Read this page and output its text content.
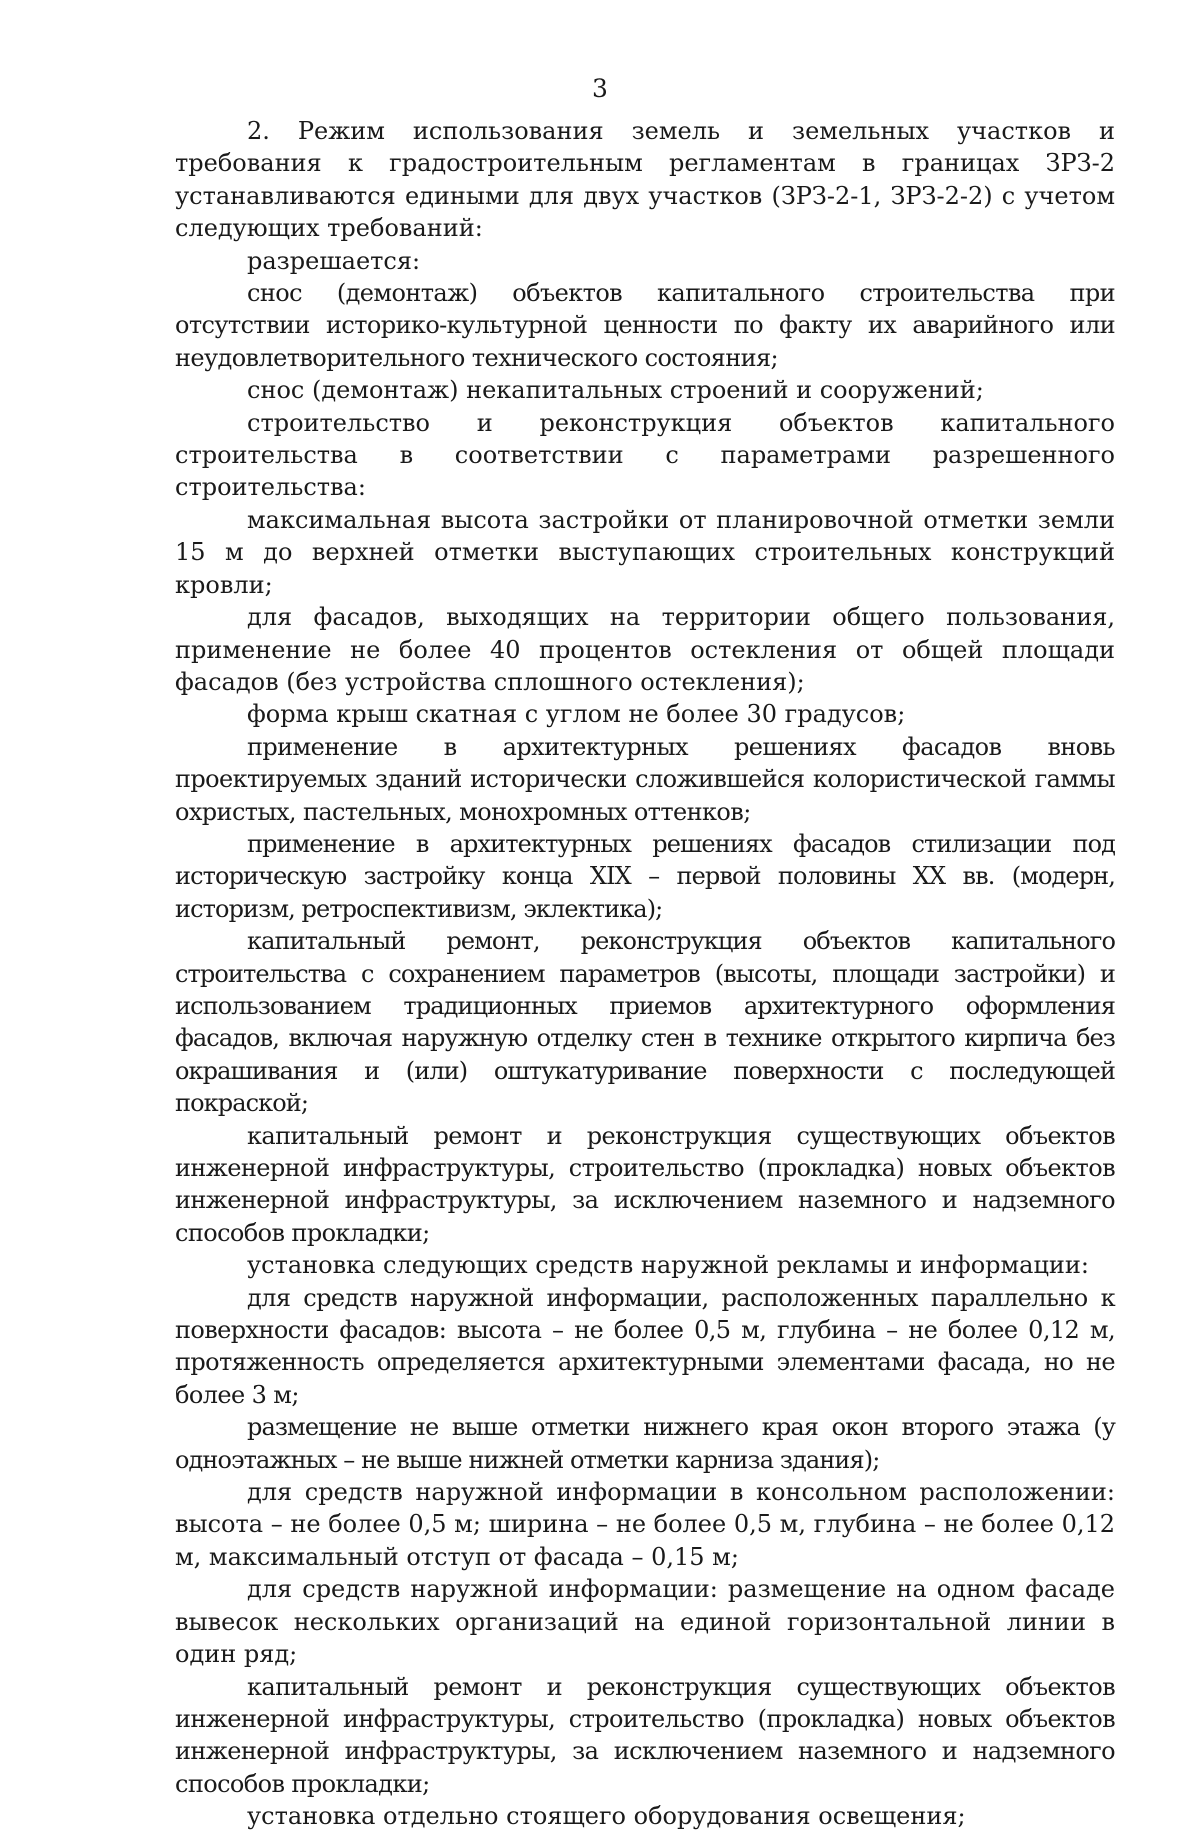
3

2. Режим использования земель и земельных участков и требования к градостроительным регламентам в границах ЗРЗ-2 устанавливаются едиными для двух участков (ЗРЗ-2-1, ЗРЗ-2-2) с учетом следующих требований:

разрешается:

снос (демонтаж) объектов капитального строительства при отсутствии историко-культурной ценности по факту их аварийного или неудовлетворительного технического состояния;

снос (демонтаж) некапитальных строений и сооружений;

строительство и реконструкция объектов капитального строительства в соответствии с параметрами разрешенного строительства:

максимальная высота застройки от планировочной отметки земли 15 м до верхней отметки выступающих строительных конструкций кровли;

для фасадов, выходящих на территории общего пользования, применение не более 40 процентов остекления от общей площади фасадов (без устройства сплошного остекления);

форма крыш скатная с углом не более 30 градусов;

применение в архитектурных решениях фасадов вновь проектируемых зданий исторически сложившейся колористической гаммы охристых, пастельных, монохромных оттенков;

применение в архитектурных решениях фасадов стилизации под историческую застройку конца XIX – первой половины XX вв. (модерн, историзм, ретроспективизм, эклектика);

капитальный ремонт, реконструкция объектов капитального строительства с сохранением параметров (высоты, площади застройки) и использованием традиционных приемов архитектурного оформления фасадов, включая наружную отделку стен в технике открытого кирпича без окрашивания и (или) оштукатуривание поверхности с последующей покраской;

капитальный ремонт и реконструкция существующих объектов инженерной инфраструктуры, строительство (прокладка) новых объектов инженерной инфраструктуры, за исключением наземного и надземного способов прокладки;

установка следующих средств наружной рекламы и информации:

для средств наружной информации, расположенных параллельно к поверхности фасадов: высота – не более 0,5 м, глубина – не более 0,12 м, протяженность определяется архитектурными элементами фасада, но не более 3 м;

размещение не выше отметки нижнего края окон второго этажа (у одноэтажных – не выше нижней отметки карниза здания);

для средств наружной информации в консольном расположении: высота – не более 0,5 м; ширина – не более 0,5 м, глубина – не более 0,12 м, максимальный отступ от фасада – 0,15 м;

для средств наружной информации: размещение на одном фасаде вывесок нескольких организаций на единой горизонтальной линии в один ряд;

капитальный ремонт и реконструкция существующих объектов инженерной инфраструктуры, строительство (прокладка) новых объектов инженерной инфраструктуры, за исключением наземного и надземного способов прокладки;

установка отдельно стоящего оборудования освещения;
